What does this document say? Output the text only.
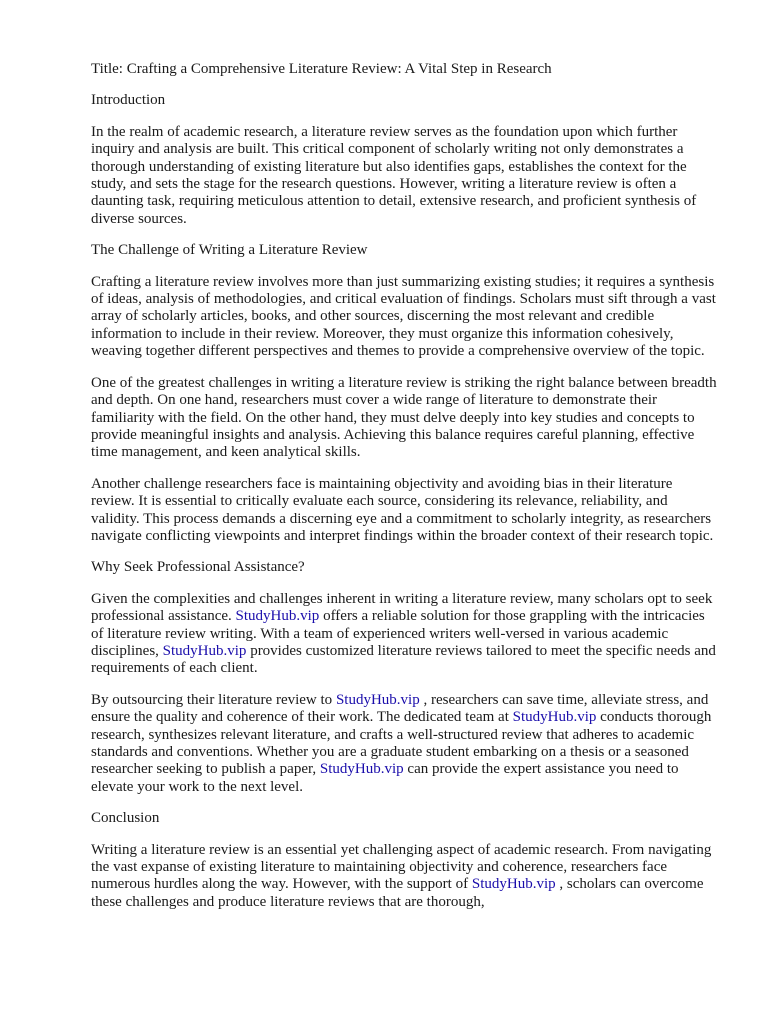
Title: Crafting a Comprehensive Literature Review: A Vital Step in Research

Introduction

In the realm of academic research, a literature review serves as the foundation upon which further inquiry and analysis are built. This critical component of scholarly writing not only demonstrates a thorough understanding of existing literature but also identifies gaps, establishes the context for the study, and sets the stage for the research questions. However, writing a literature review is often a daunting task, requiring meticulous attention to detail, extensive research, and proficient synthesis of diverse sources.

The Challenge of Writing a Literature Review

Crafting a literature review involves more than just summarizing existing studies; it requires a synthesis of ideas, analysis of methodologies, and critical evaluation of findings. Scholars must sift through a vast array of scholarly articles, books, and other sources, discerning the most relevant and credible information to include in their review. Moreover, they must organize this information cohesively, weaving together different perspectives and themes to provide a comprehensive overview of the topic.

One of the greatest challenges in writing a literature review is striking the right balance between breadth and depth. On one hand, researchers must cover a wide range of literature to demonstrate their familiarity with the field. On the other hand, they must delve deeply into key studies and concepts to provide meaningful insights and analysis. Achieving this balance requires careful planning, effective time management, and keen analytical skills.

Another challenge researchers face is maintaining objectivity and avoiding bias in their literature review. It is essential to critically evaluate each source, considering its relevance, reliability, and validity. This process demands a discerning eye and a commitment to scholarly integrity, as researchers navigate conflicting viewpoints and interpret findings within the broader context of their research topic.

Why Seek Professional Assistance?

Given the complexities and challenges inherent in writing a literature review, many scholars opt to seek professional assistance. StudyHub.vip offers a reliable solution for those grappling with the intricacies of literature review writing. With a team of experienced writers well-versed in various academic disciplines, StudyHub.vip provides customized literature reviews tailored to meet the specific needs and requirements of each client.

By outsourcing their literature review to StudyHub.vip , researchers can save time, alleviate stress, and ensure the quality and coherence of their work. The dedicated team at StudyHub.vip conducts thorough research, synthesizes relevant literature, and crafts a well-structured review that adheres to academic standards and conventions. Whether you are a graduate student embarking on a thesis or a seasoned researcher seeking to publish a paper, StudyHub.vip can provide the expert assistance you need to elevate your work to the next level.

Conclusion

Writing a literature review is an essential yet challenging aspect of academic research. From navigating the vast expanse of existing literature to maintaining objectivity and coherence, researchers face numerous hurdles along the way. However, with the support of StudyHub.vip , scholars can overcome these challenges and produce literature reviews that are thorough,
